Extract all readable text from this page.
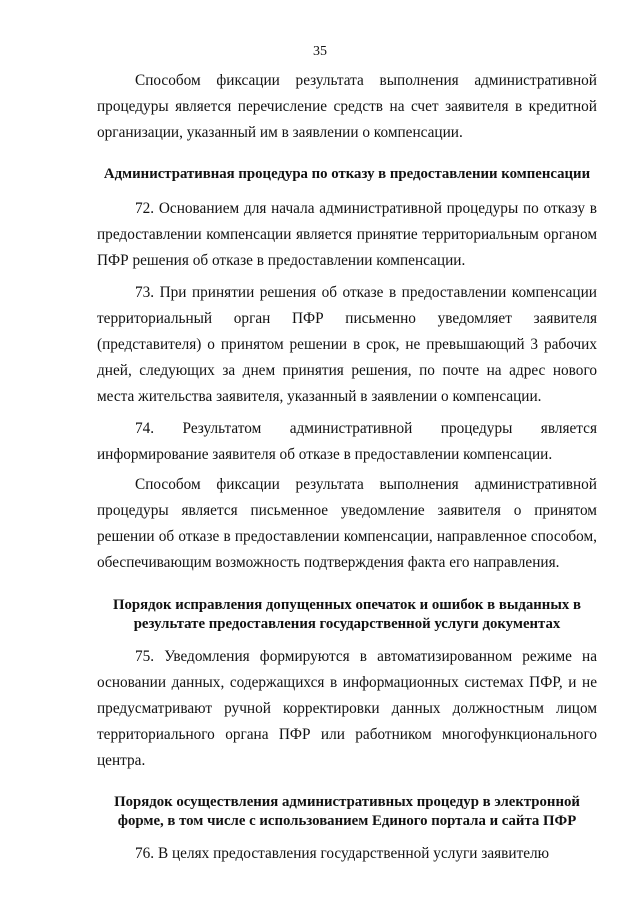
35

Способом фиксации результата выполнения административной процедуры является перечисление средств на счет заявителя в кредитной организации, указанный им в заявлении о компенсации.

Административная процедура по отказу в предоставлении компенсации

72. Основанием для начала административной процедуры по отказу в предоставлении компенсации является принятие территориальным органом ПФР решения об отказе в предоставлении компенсации.

73. При принятии решения об отказе в предоставлении компенсации территориальный орган ПФР письменно уведомляет заявителя (представителя) о принятом решении в срок, не превышающий 3 рабочих дней, следующих за днем принятия решения, по почте на адрес нового места жительства заявителя, указанный в заявлении о компенсации.

74. Результатом административной процедуры является информирование заявителя об отказе в предоставлении компенсации.

Способом фиксации результата выполнения административной процедуры является письменное уведомление заявителя о принятом решении об отказе в предоставлении компенсации, направленное способом, обеспечивающим возможность подтверждения факта его направления.

Порядок исправления допущенных опечаток и ошибок в выданных в результате предоставления государственной услуги документах

75. Уведомления формируются в автоматизированном режиме на основании данных, содержащихся в информационных системах ПФР, и не предусматривают ручной корректировки данных должностным лицом территориального органа ПФР или работником многофункционального центра.

Порядок осуществления административных процедур в электронной форме, в том числе с использованием Единого портала и сайта ПФР

76. В целях предоставления государственной услуги заявителю
